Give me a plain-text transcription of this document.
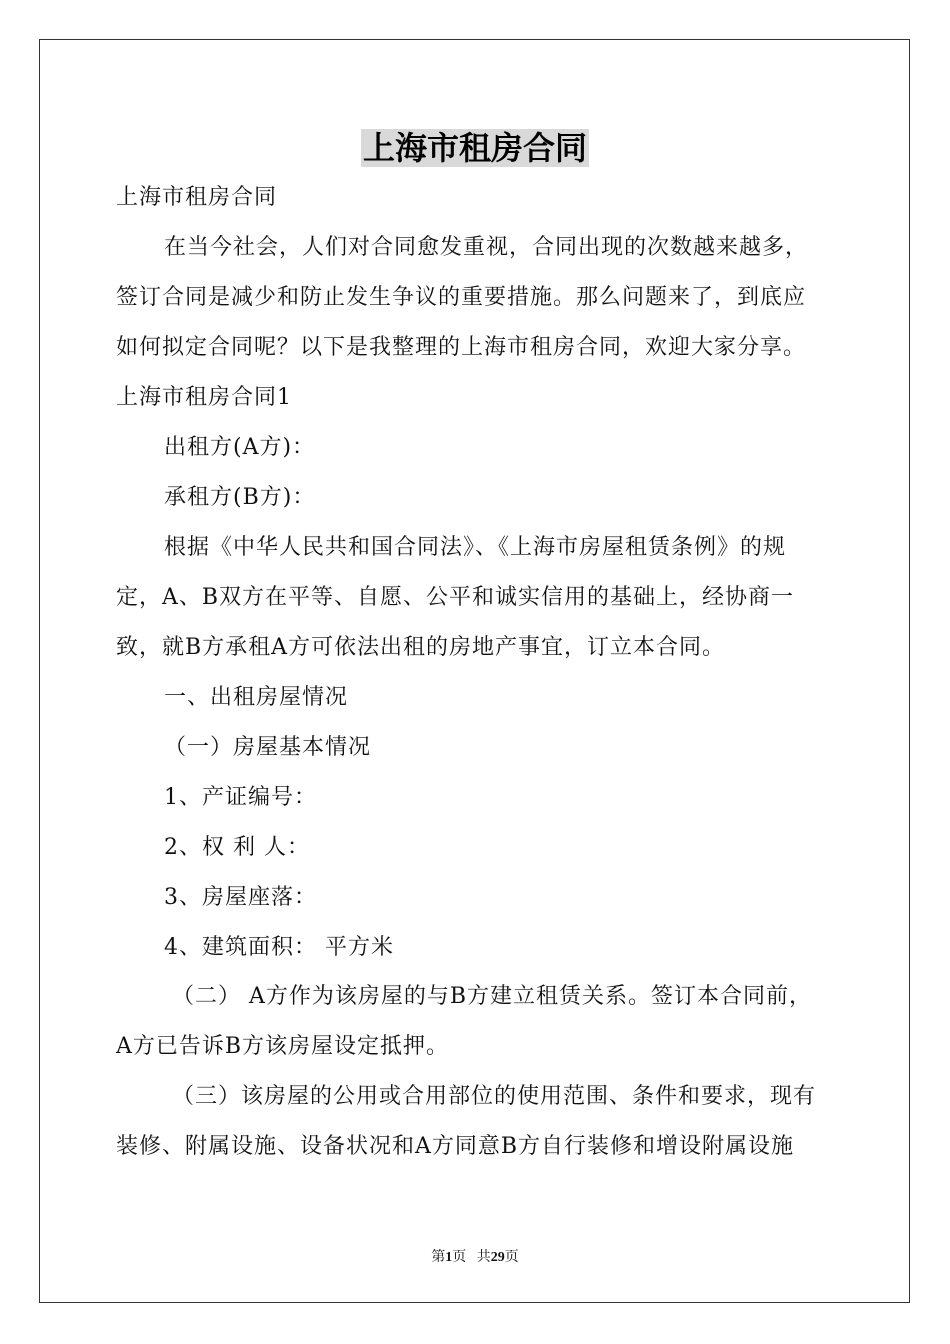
上海市租房合同
上海市租房合同
在当今社会，人们对合同愈发重视，合同出现的次数越来越多，
签订合同是减少和防止发生争议的重要措施。那么问题来了，到底应
如何拟定合同呢？以下是我整理的上海市租房合同，欢迎大家分享。
上海市租房合同1
出租方(A方)：
承租方(B方)：
根据《中华人民共和国合同法》、《上海市房屋租赁条例》的规
定，A、B双方在平等、自愿、公平和诚实信用的基础上，经协商一
致，就B方承租A方可依法出租的房地产事宜，订立本合同。
一、出租房屋情况
（一）房屋基本情况
1、产证编号：
2、权 利 人：
3、房屋座落：
4、建筑面积： 平方米
（二） A方作为该房屋的与B方建立租赁关系。签订本合同前，
A方已告诉B方该房屋设定抵押。
（三）该房屋的公用或合用部位的使用范围、条件和要求，现有
装修、附属设施、设备状况和A方同意B方自行装修和增设附属设施
第1页 共29页
